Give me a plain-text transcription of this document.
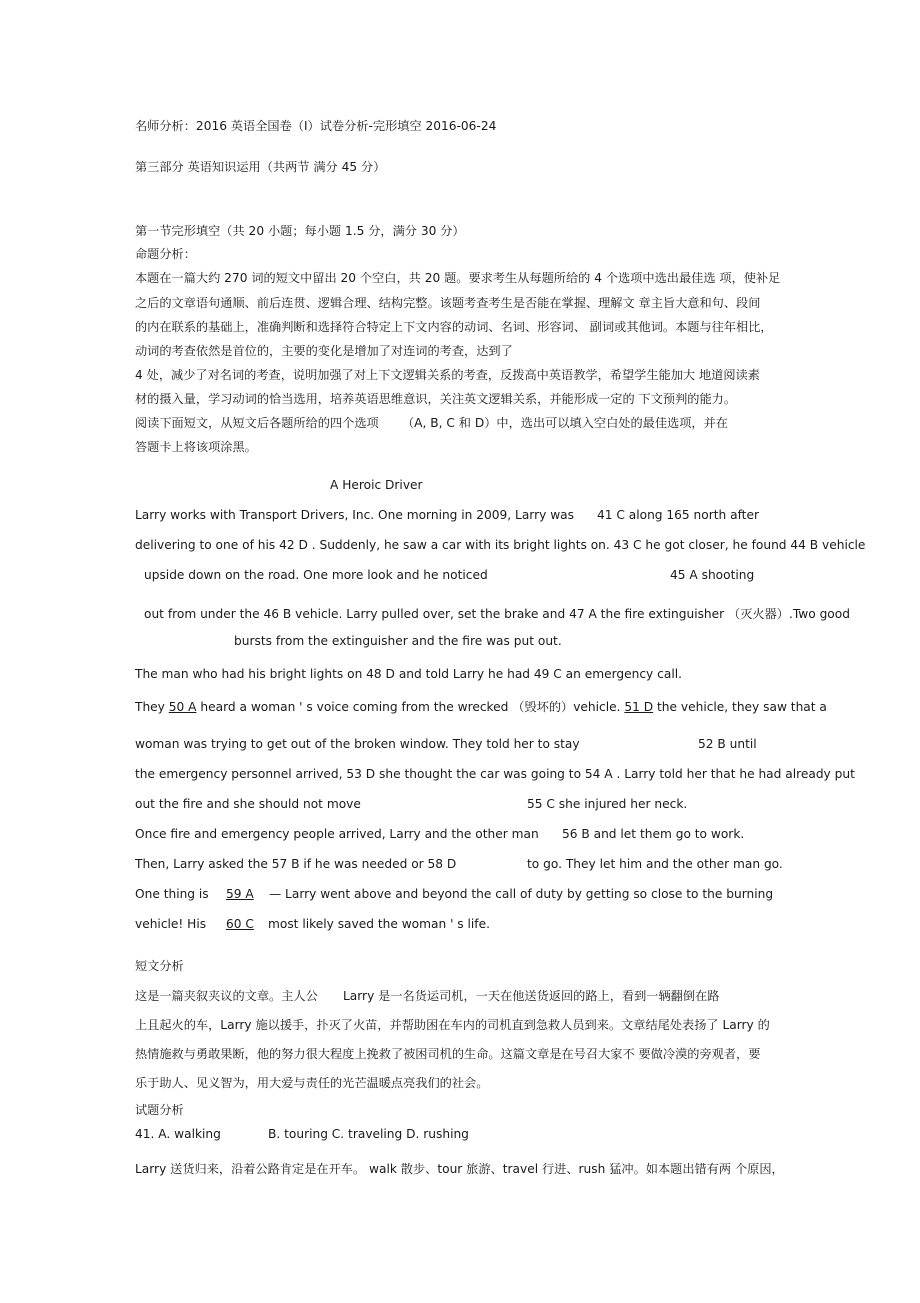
名师分析：2016 英语全国卷（Ⅰ）试卷分析-完形填空 2016-06-24
第三部分 英语知识运用（共两节 满分 45 分）
第一节完形填空（共 20 小题；每小题 1.5 分，满分 30 分）
命题分析：
本题在一篇大约 270 词的短文中留出 20 个空白，共 20 题。要求考生从每题所给的 4 个选项中选出最佳选 项，使补足
之后的文章语句通顺、前后连贯、逻辑合理、结构完整。该题考查考生是否能在掌握、理解文 章主旨大意和句、段间
的内在联系的基础上，准确判断和选择符合特定上下文内容的动词、名词、形容词、 副词或其他词。本题与往年相比，
动词的考查依然是首位的，主要的变化是增加了对连词的考查，达到了
4 处，减少了对名词的考查，说明加强了对上下文逻辑关系的考查，反拨高中英语教学，希望学生能加大 地道阅读素
材的摄入量，学习动词的恰当选用，培养英语思维意识，关注英文逻辑关系，并能形成一定的 下文预判的能力。
阅读下面短文，从短文后各题所给的四个选项 （A, B, C 和 D）中，选出可以填入空白处的最佳选项，并在
答题卡上将该项涂黑。
A Heroic Driver
Larry works with Transport Drivers, Inc. One morning in 2009, Larry was 41 C along 165 north after
delivering to one of his 42 D . Suddenly, he saw a car with its bright lights on. 43 C he got closer, he found 44 B vehicle
upside down on the road. One more look and he noticed	45 A shooting
out from under the 46 B vehicle. Larry pulled over, set the brake and 47 A the fire extinguisher （灭火器）.Two good
bursts from the extinguisher and the fire was put out.
The man who had his bright lights on 48 D and told Larry he had 49 C an emergency call.
They 50 A heard a woman ' s voice coming from the wrecked （毁坏的）vehicle. 51 D the vehicle, they saw that a
woman was trying to get out of the broken window. They told her to stay	52 B until
the emergency personnel arrived, 53 D she thought the car was going to 54 A . Larry told her that he had already put
out the fire and she should not move	55 C she injured her neck.
Once fire and emergency people arrived, Larry and the other man 56 B and let them go to work.
Then, Larry asked the 57 B if he was needed or 58 D	to go. They let him and the other man go.
One thing is 59 A — Larry went above and beyond the call of duty by getting so close to the burning
vehicle! His 60 C most likely saved the woman ' s life.
短文分析
这是一篇夹叙夹议的文章。主人公 Larry 是一名货运司机，一天在他送货返回的路上，看到一辆翻倒在路
上且起火的车，Larry 施以援手，扑灭了火苗，并帮助困在车内的司机直到急救人员到来。文章结尾处表扬了 Larry 的
热情施救与勇敢果断，他的努力很大程度上挽救了被困司机的生命。这篇文章是在号召大家不 要做冷漠的旁观者，要
乐于助人、见义智为，用大爱与责任的光芒温暖点亮我们的社会。
试题分析
41. A. walking	B. touring C. traveling D. rushing
Larry 送货归来，沿着公路肯定是在开车。 walk 散步、tour 旅游、travel 行进、rush 猛冲。如本题出错有两 个原因，
